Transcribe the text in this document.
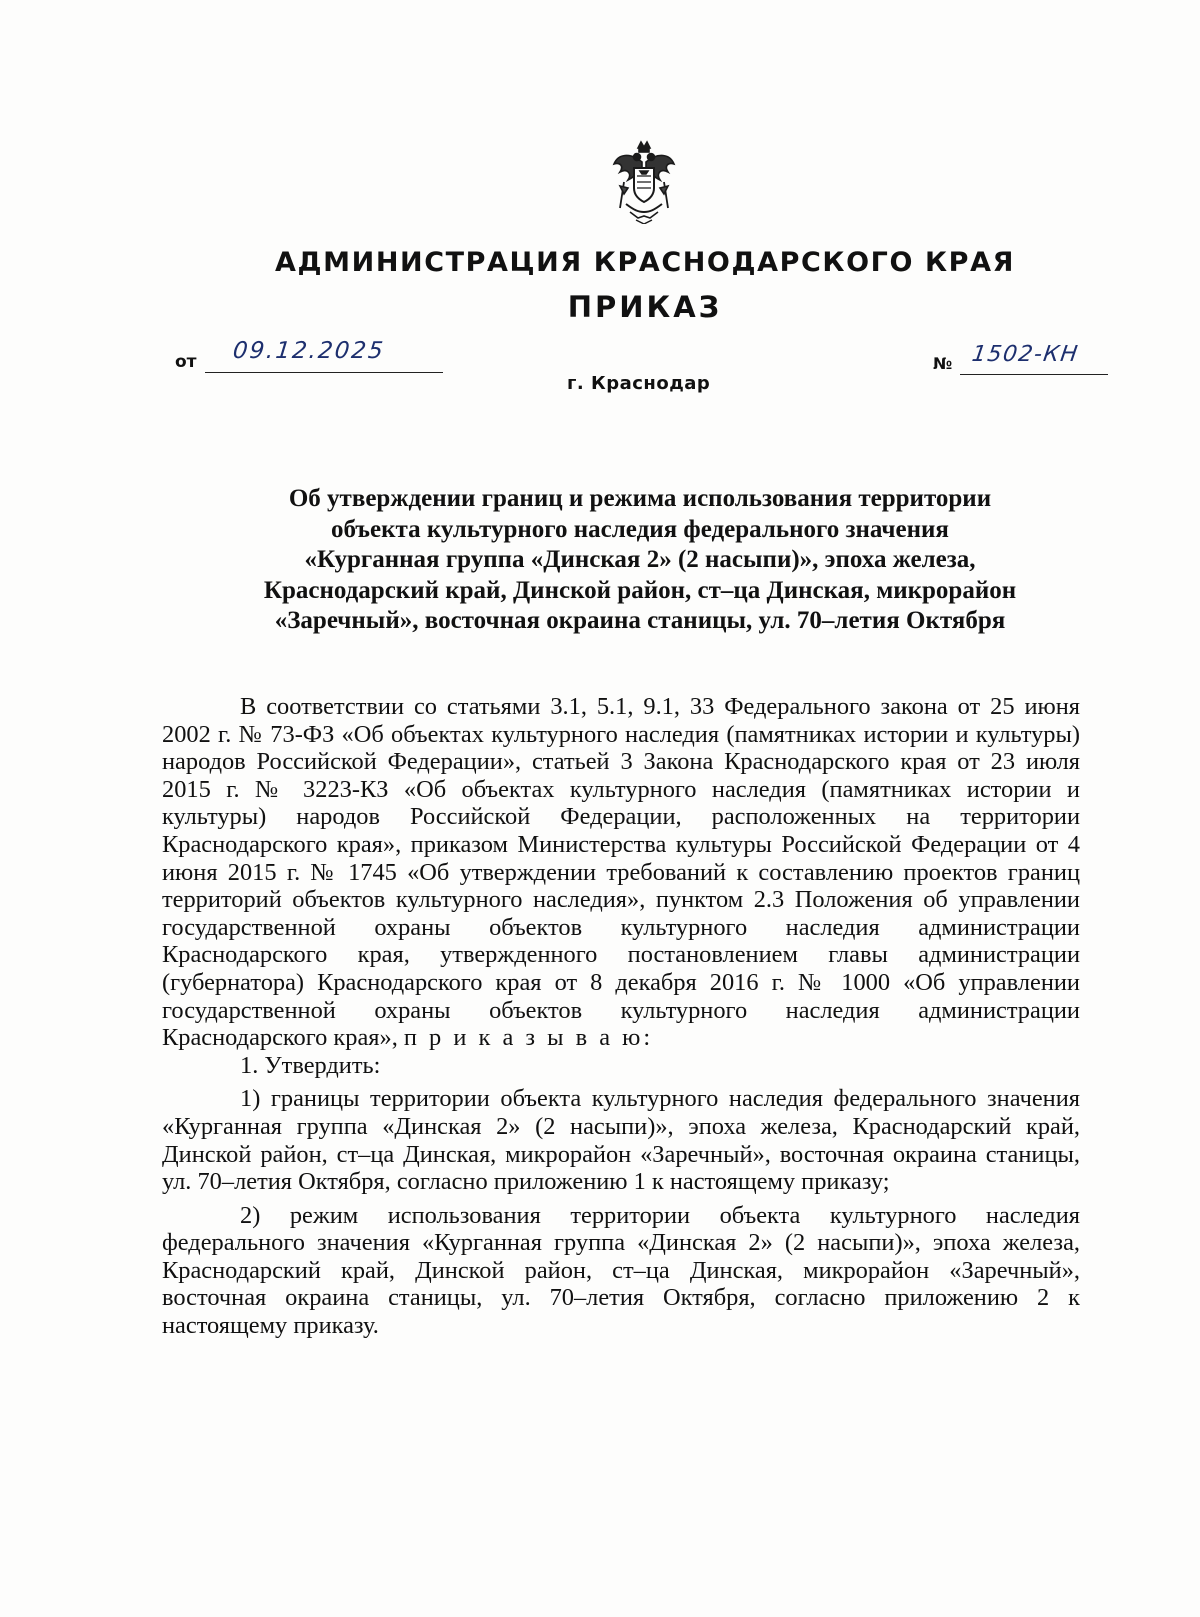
АДМИНИСТРАЦИЯ КРАСНОДАРСКОГО КРАЯ
ПРИКАЗ
от 09.12.2025
г. Краснодар
№ 1502-КН
Об утверждении границ и режима использования территории
объекта культурного наследия федерального значения
«Курганная группа «Динская 2» (2 насыпи)», эпоха железа,
Краснодарский край, Динской район, ст–ца Динская, микрорайон
«Заречный», восточная окраина станицы, ул. 70–летия Октября

В соответствии со статьями 3.1, 5.1, 9.1, 33 Федерального закона от 25 июня 2002 г. № 73-ФЗ «Об объектах культурного наследия (памятниках истории и культуры) народов Российской Федерации», статьей 3 Закона Краснодарского края от 23 июля 2015 г. № 3223-КЗ «Об объектах культурного наследия (памятниках истории и культуры) народов Российской Федерации, расположенных на территории Краснодарского края», приказом Министерства культуры Российской Федерации от 4 июня 2015 г. № 1745 «Об утверждении требований к составлению проектов границ территорий объектов культурного наследия», пунктом 2.3 Положения об управлении государственной охраны объектов культурного наследия администрации Краснодарского края, утвержденного постановлением главы администрации (губернатора) Краснодарского края от 8 декабря 2016 г. № 1000 «Об управлении государственной охраны объектов культурного наследия администрации Краснодарского края», п р и к а з ы в а ю:

1. Утвердить:

1) границы территории объекта культурного наследия федерального значения «Курганная группа «Динская 2» (2 насыпи)», эпоха железа, Краснодарский край, Динской район, ст–ца Динская, микрорайон «Заречный», восточная окраина станицы, ул. 70–летия Октября, согласно приложению 1 к настоящему приказу;

2) режим использования территории объекта культурного наследия федерального значения «Курганная группа «Динская 2» (2 насыпи)», эпоха железа, Краснодарский край, Динской район, ст–ца Динская, микрорайон «Заречный», восточная окраина станицы, ул. 70–летия Октября, согласно приложению 2 к настоящему приказу.
